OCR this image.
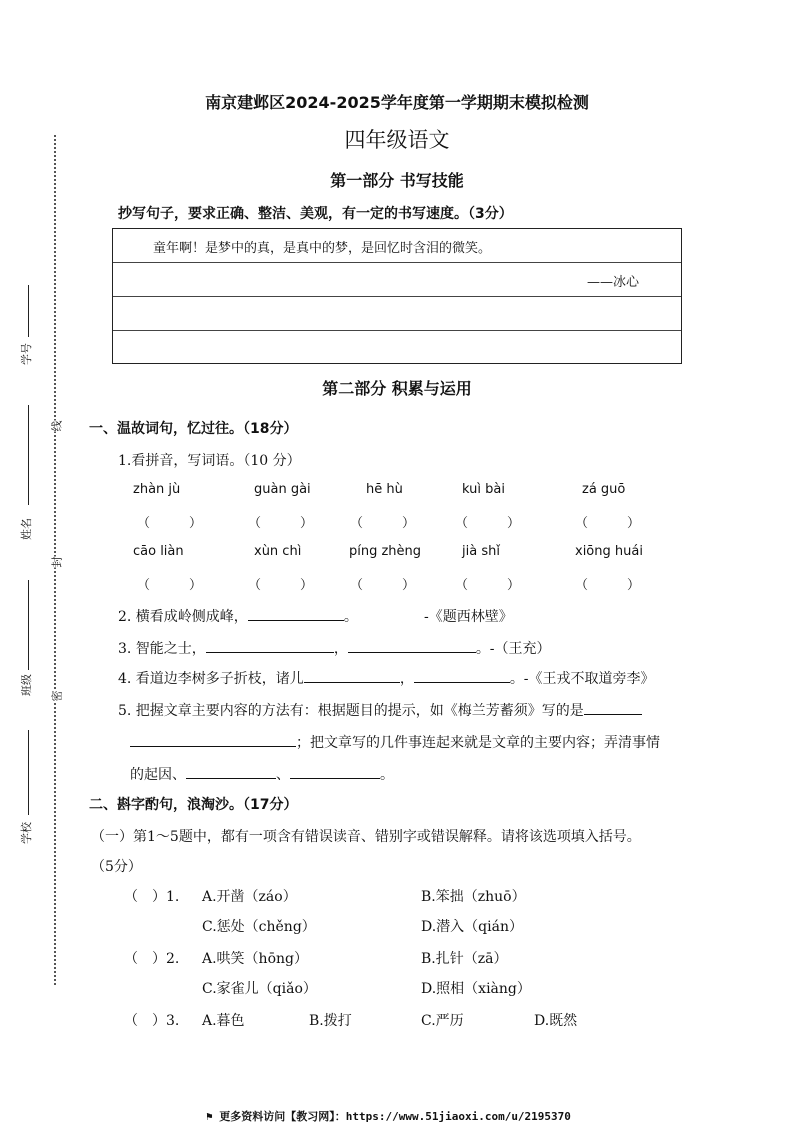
学号
姓名
班级
学校
线
封
密
南京建邺区2024-2025学年度第一学期期末模拟检测
四年级语文
第一部分 书写技能
抄写句子，要求正确、整洁、美观，有一定的书写速度。（3分）
童年啊！是梦中的真，是真中的梦，是回忆时含泪的微笑。
——冰心
第二部分 积累与运用
一、温故词句，忆过往。（18分）
1.看拼音，写词语。（10 分）
zhàn jù	guàn gài	hē hù	kuì bài	zá guō
（　　　）	（　　　）	（　　　）	（　　　）	（　　　）
cāo liàn	xùn chì	píng zhèng	jià shǐ	xiōng huái
（　　　）	（　　　）	（　　　）	（　　　）	（　　　）
2. 横看成岭侧成峰，	。	-《题西林壁》
3. 智能之士，	，	。-（王充）
4. 看道边李树多子折枝，诸儿	，	。-《王戎不取道旁李》
5. 把握文章主要内容的方法有：根据题目的提示，如《梅兰芳蓄须》写的是
；把文章写的几件事连起来就是文章的主要内容；弄清事情
的起因、	、	。
二、斟字酌句，浪淘沙。（17分）
（一）第1～5题中，都有一项含有错误读音、错别字或错误解释。请将该选项填入括号。
（5分）
（　）1. A.开凿（záo）	B.笨拙（zhuō）
C.惩处（chěng）	D.潜入（qián）
（　）2. A.哄笑（hōng）	B.扎针（zā）
C.家雀儿（qiǎo）	D.照相（xiàng）
（　）3. A.暮色	B.拨打	C.严历	D.既然
⚑ 更多资料访问【教习网】：https://www.51jiaoxi.com/u/2195370
